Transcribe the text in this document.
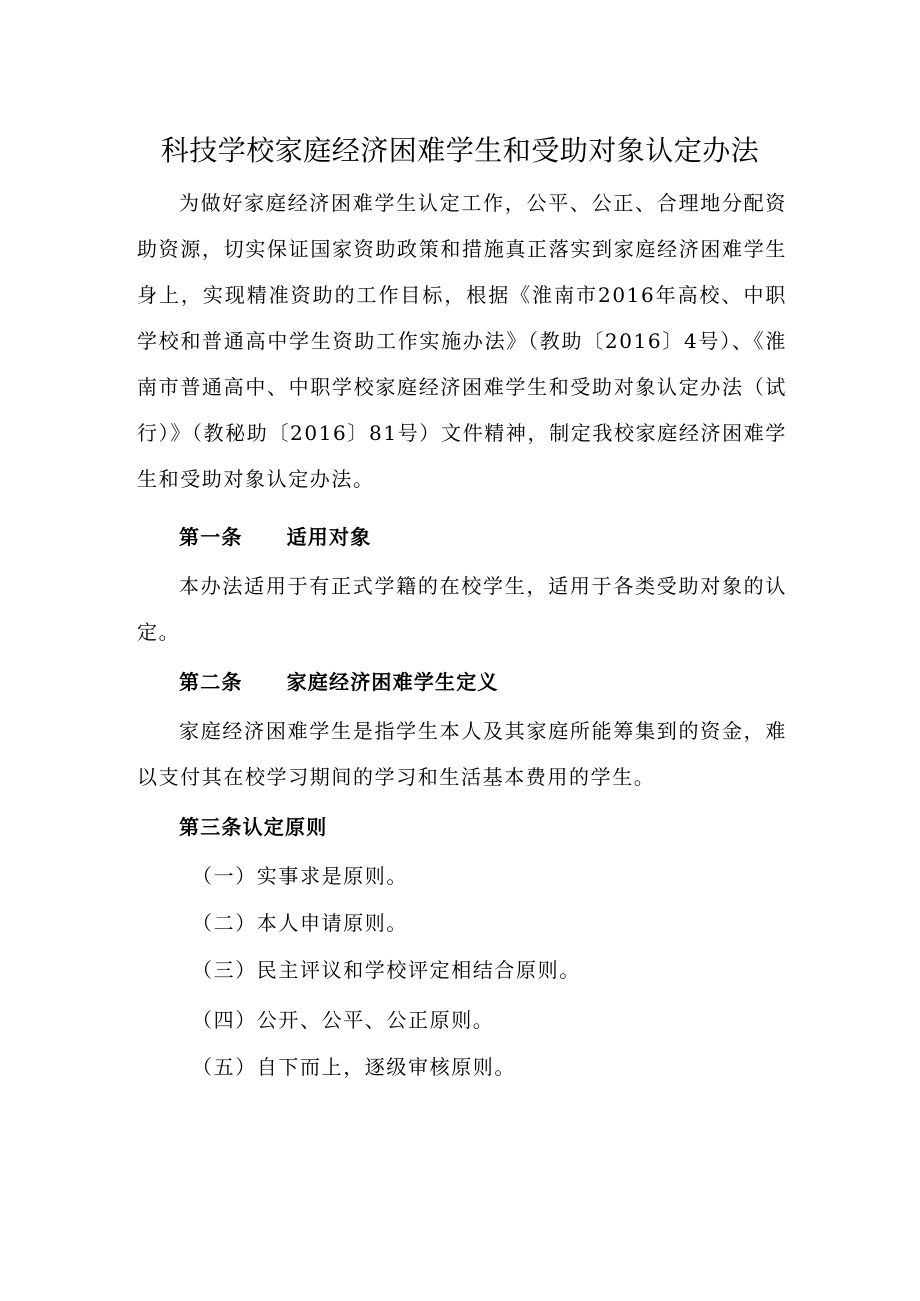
科技学校家庭经济困难学生和受助对象认定办法

为做好家庭经济困难学生认定工作，公平、公正、合理地分配资助资源，切实保证国家资助政策和措施真正落实到家庭经济困难学生身上，实现精准资助的工作目标，根据《淮南市2016年高校、中职学校和普通高中学生资助工作实施办法》（教助〔2016〕4号）、《淮南市普通高中、中职学校家庭经济困难学生和受助对象认定办法（试行）》（教秘助〔2016〕81号）文件精神，制定我校家庭经济困难学生和受助对象认定办法。

第一条 适用对象

本办法适用于有正式学籍的在校学生，适用于各类受助对象的认定。

第二条 家庭经济困难学生定义

家庭经济困难学生是指学生本人及其家庭所能筹集到的资金，难以支付其在校学习期间的学习和生活基本费用的学生。

第三条认定原则

（一）实事求是原则。

（二）本人申请原则。

（三）民主评议和学校评定相结合原则。

（四）公开、公平、公正原则。

（五）自下而上，逐级审核原则。
